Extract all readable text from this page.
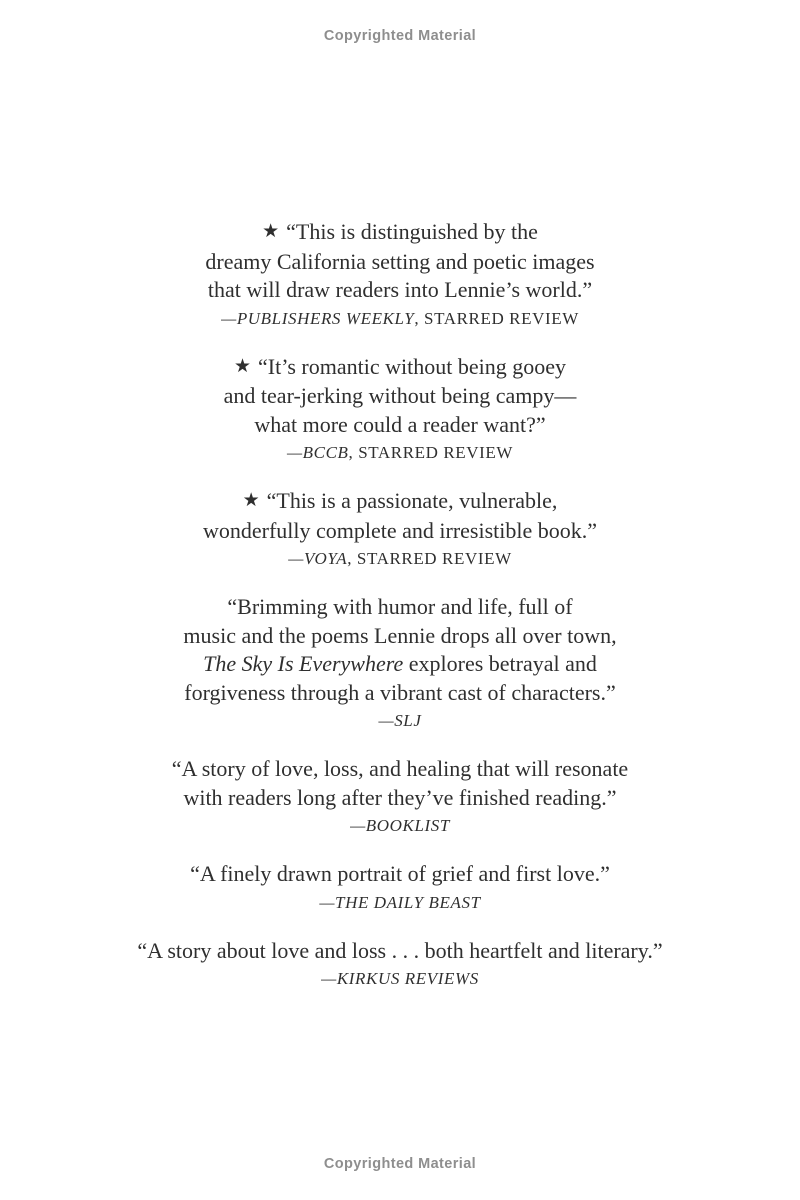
Copyrighted Material
★ “This is distinguished by the
dreamy California setting and poetic images
that will draw readers into Lennie’s world.”
—PUBLISHERS WEEKLY, STARRED REVIEW
★ “It’s romantic without being gooey
and tear-jerking without being campy—
what more could a reader want?”
—BCCB, STARRED REVIEW
★ “This is a passionate, vulnerable,
wonderfully complete and irresistible book.”
—VOYA, STARRED REVIEW
“Brimming with humor and life, full of
music and the poems Lennie drops all over town,
The Sky Is Everywhere explores betrayal and
forgiveness through a vibrant cast of characters.”
—SLJ
“A story of love, loss, and healing that will resonate
with readers long after they’ve finished reading.”
—BOOKLIST
“A finely drawn portrait of grief and first love.”
—THE DAILY BEAST
“A story about love and loss . . . both heartfelt and literary.”
—KIRKUS REVIEWS
Copyrighted Material
